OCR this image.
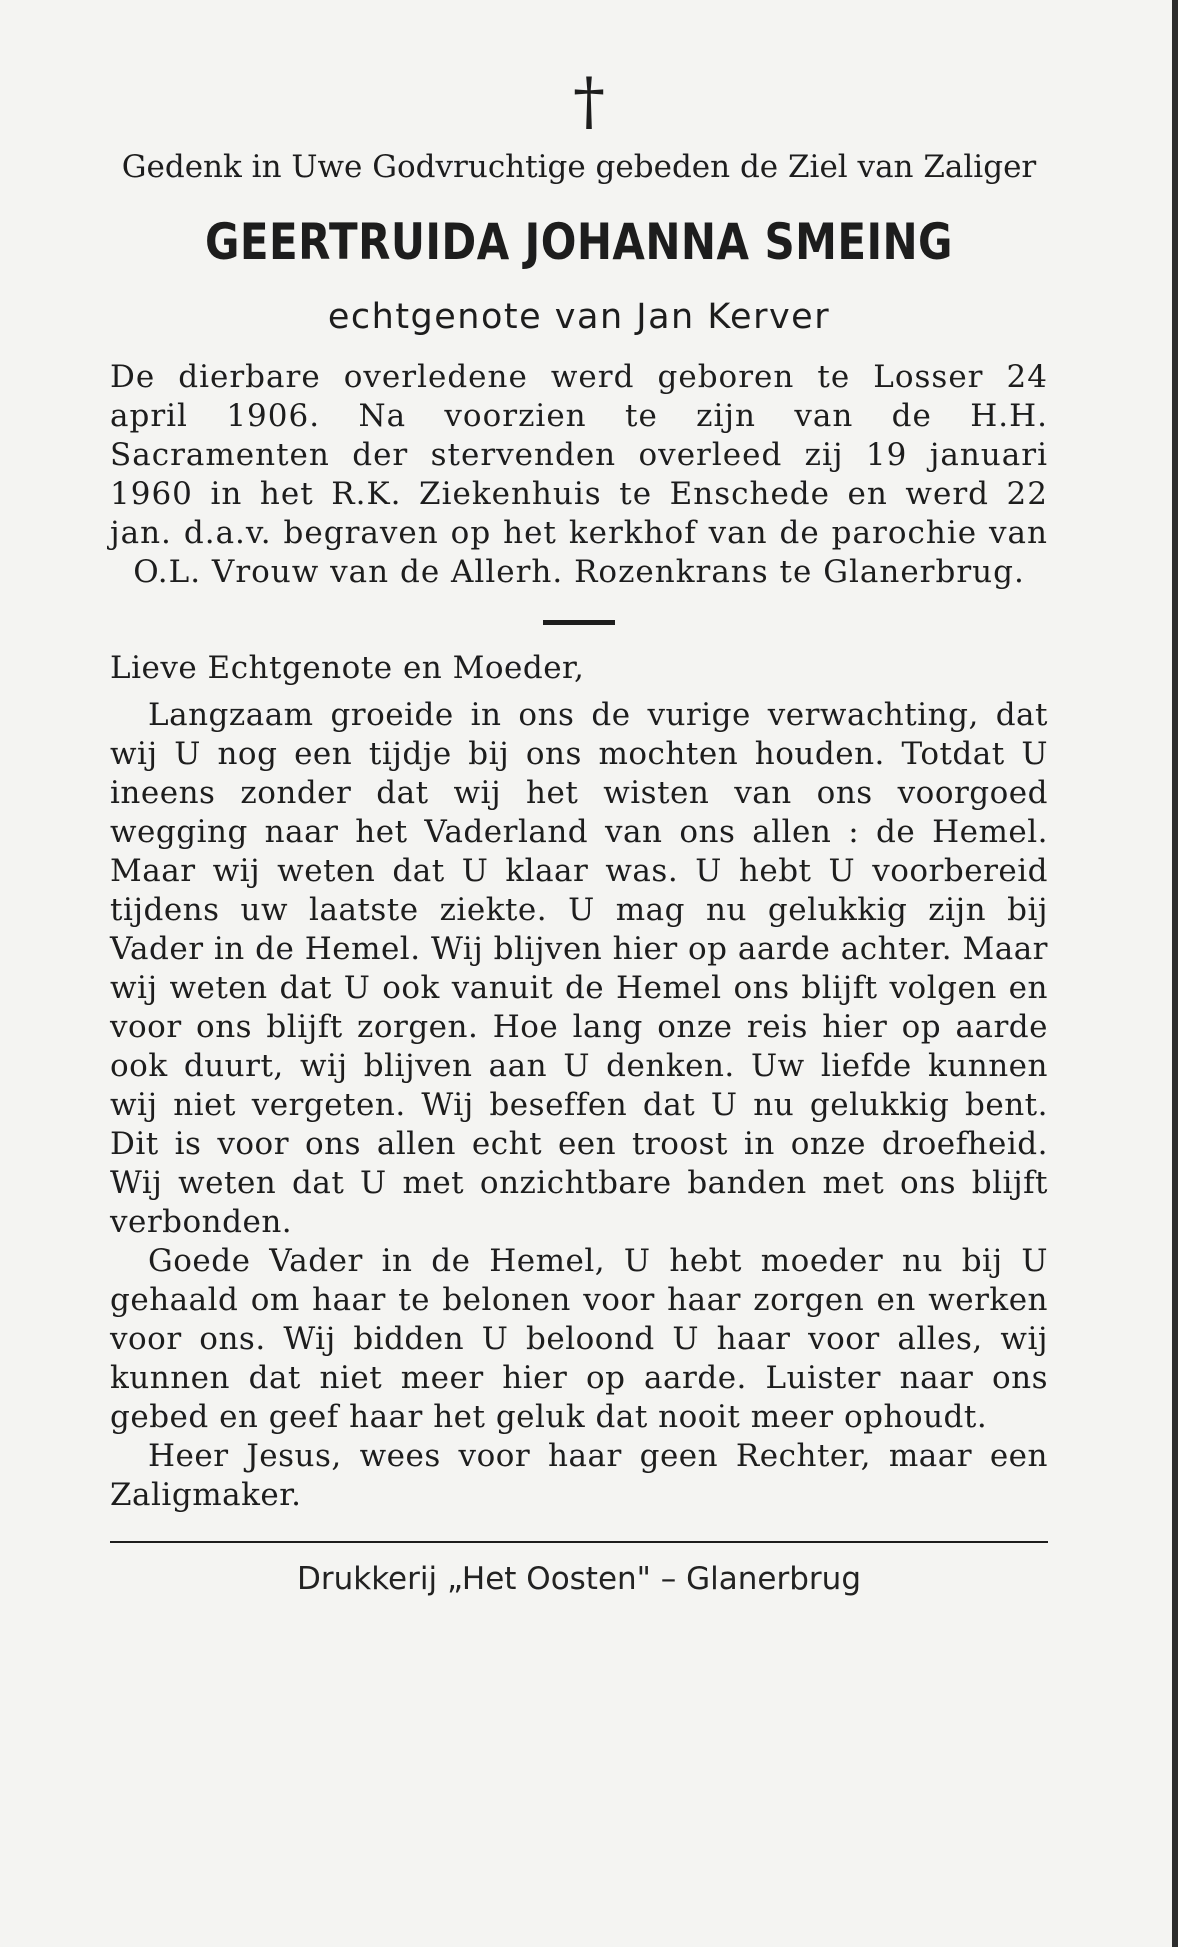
†
Gedenk in Uwe Godvruchtige gebeden de Ziel van Zaliger
GEERTRUIDA JOHANNA SMEING
echtgenote van Jan Kerver
De dierbare overledene werd geboren te Losser 24 april 1906. Na voorzien te zijn van de H.H. Sacramenten der stervenden overleed zij 19 januari 1960 in het R.K. Ziekenhuis te Enschede en werd 22 jan. d.a.v. begraven op het kerkhof van de parochie van O.L. Vrouw van de Allerh. Rozenkrans te Glanerbrug.
Lieve Echtgenote en Moeder,
Langzaam groeide in ons de vurige verwachting, dat wij U nog een tijdje bij ons mochten houden. Totdat U ineens zonder dat wij het wisten van ons voorgoed wegging naar het Vaderland van ons allen : de Hemel. Maar wij weten dat U klaar was. U hebt U voorbereid tijdens uw laatste ziekte. U mag nu gelukkig zijn bij Vader in de Hemel. Wij blijven hier op aarde achter. Maar wij weten dat U ook vanuit de Hemel ons blijft volgen en voor ons blijft zorgen. Hoe lang onze reis hier op aarde ook duurt, wij blijven aan U denken. Uw liefde kunnen wij niet vergeten. Wij beseffen dat U nu gelukkig bent. Dit is voor ons allen echt een troost in onze droefheid. Wij weten dat U met onzichtbare banden met ons blijft verbonden.
Goede Vader in de Hemel, U hebt moeder nu bij U gehaald om haar te belonen voor haar zorgen en werken voor ons. Wij bidden U beloond U haar voor alles, wij kunnen dat niet meer hier op aarde. Luister naar ons gebed en geef haar het geluk dat nooit meer ophoudt.
Heer Jesus, wees voor haar geen Rechter, maar een Zaligmaker.
Drukkerij „Het Oosten" – Glanerbrug
